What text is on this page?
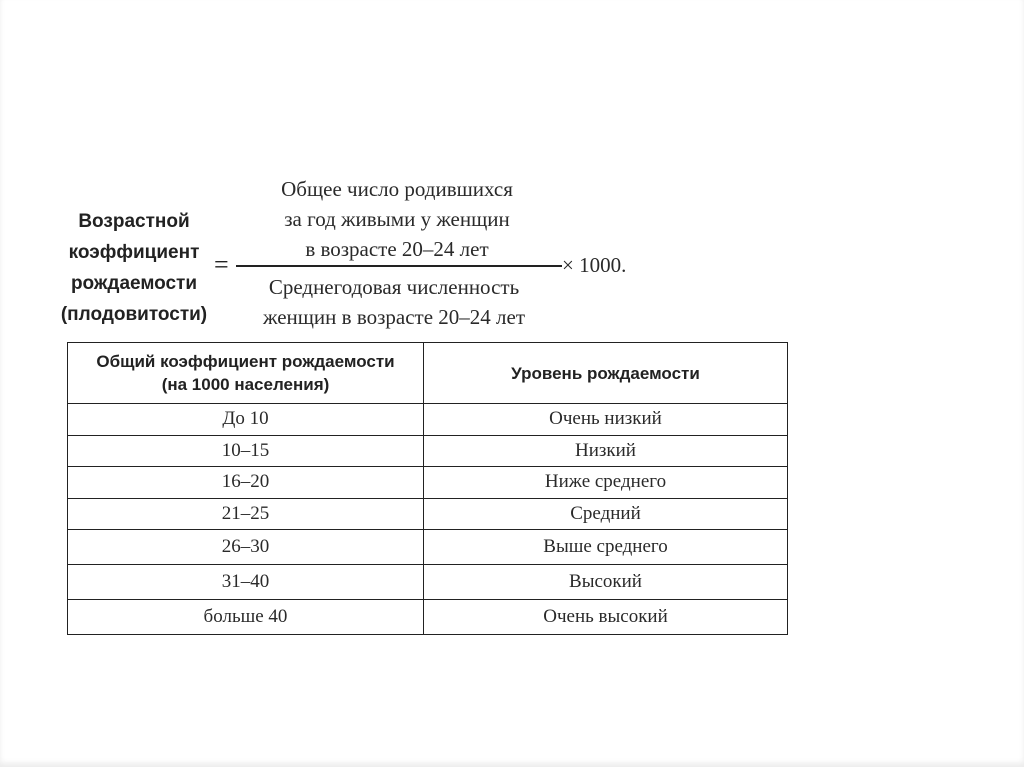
Возрастной
коэффициент
рождаемости
(плодовитости)
=
Общее число родившихся
за год живыми у женщин
в возрасте 20–24 лет
Среднегодовая численность
женщин в возрасте 20–24 лет
× 1000.
Общий коэффициент рождаемости
(на 1000 населения)	Уровень рождаемости
До 10	Очень низкий
10–15	Низкий
16–20	Ниже среднего
21–25	Средний
26–30	Выше среднего
31–40	Высокий
больше 40	Очень высокий
